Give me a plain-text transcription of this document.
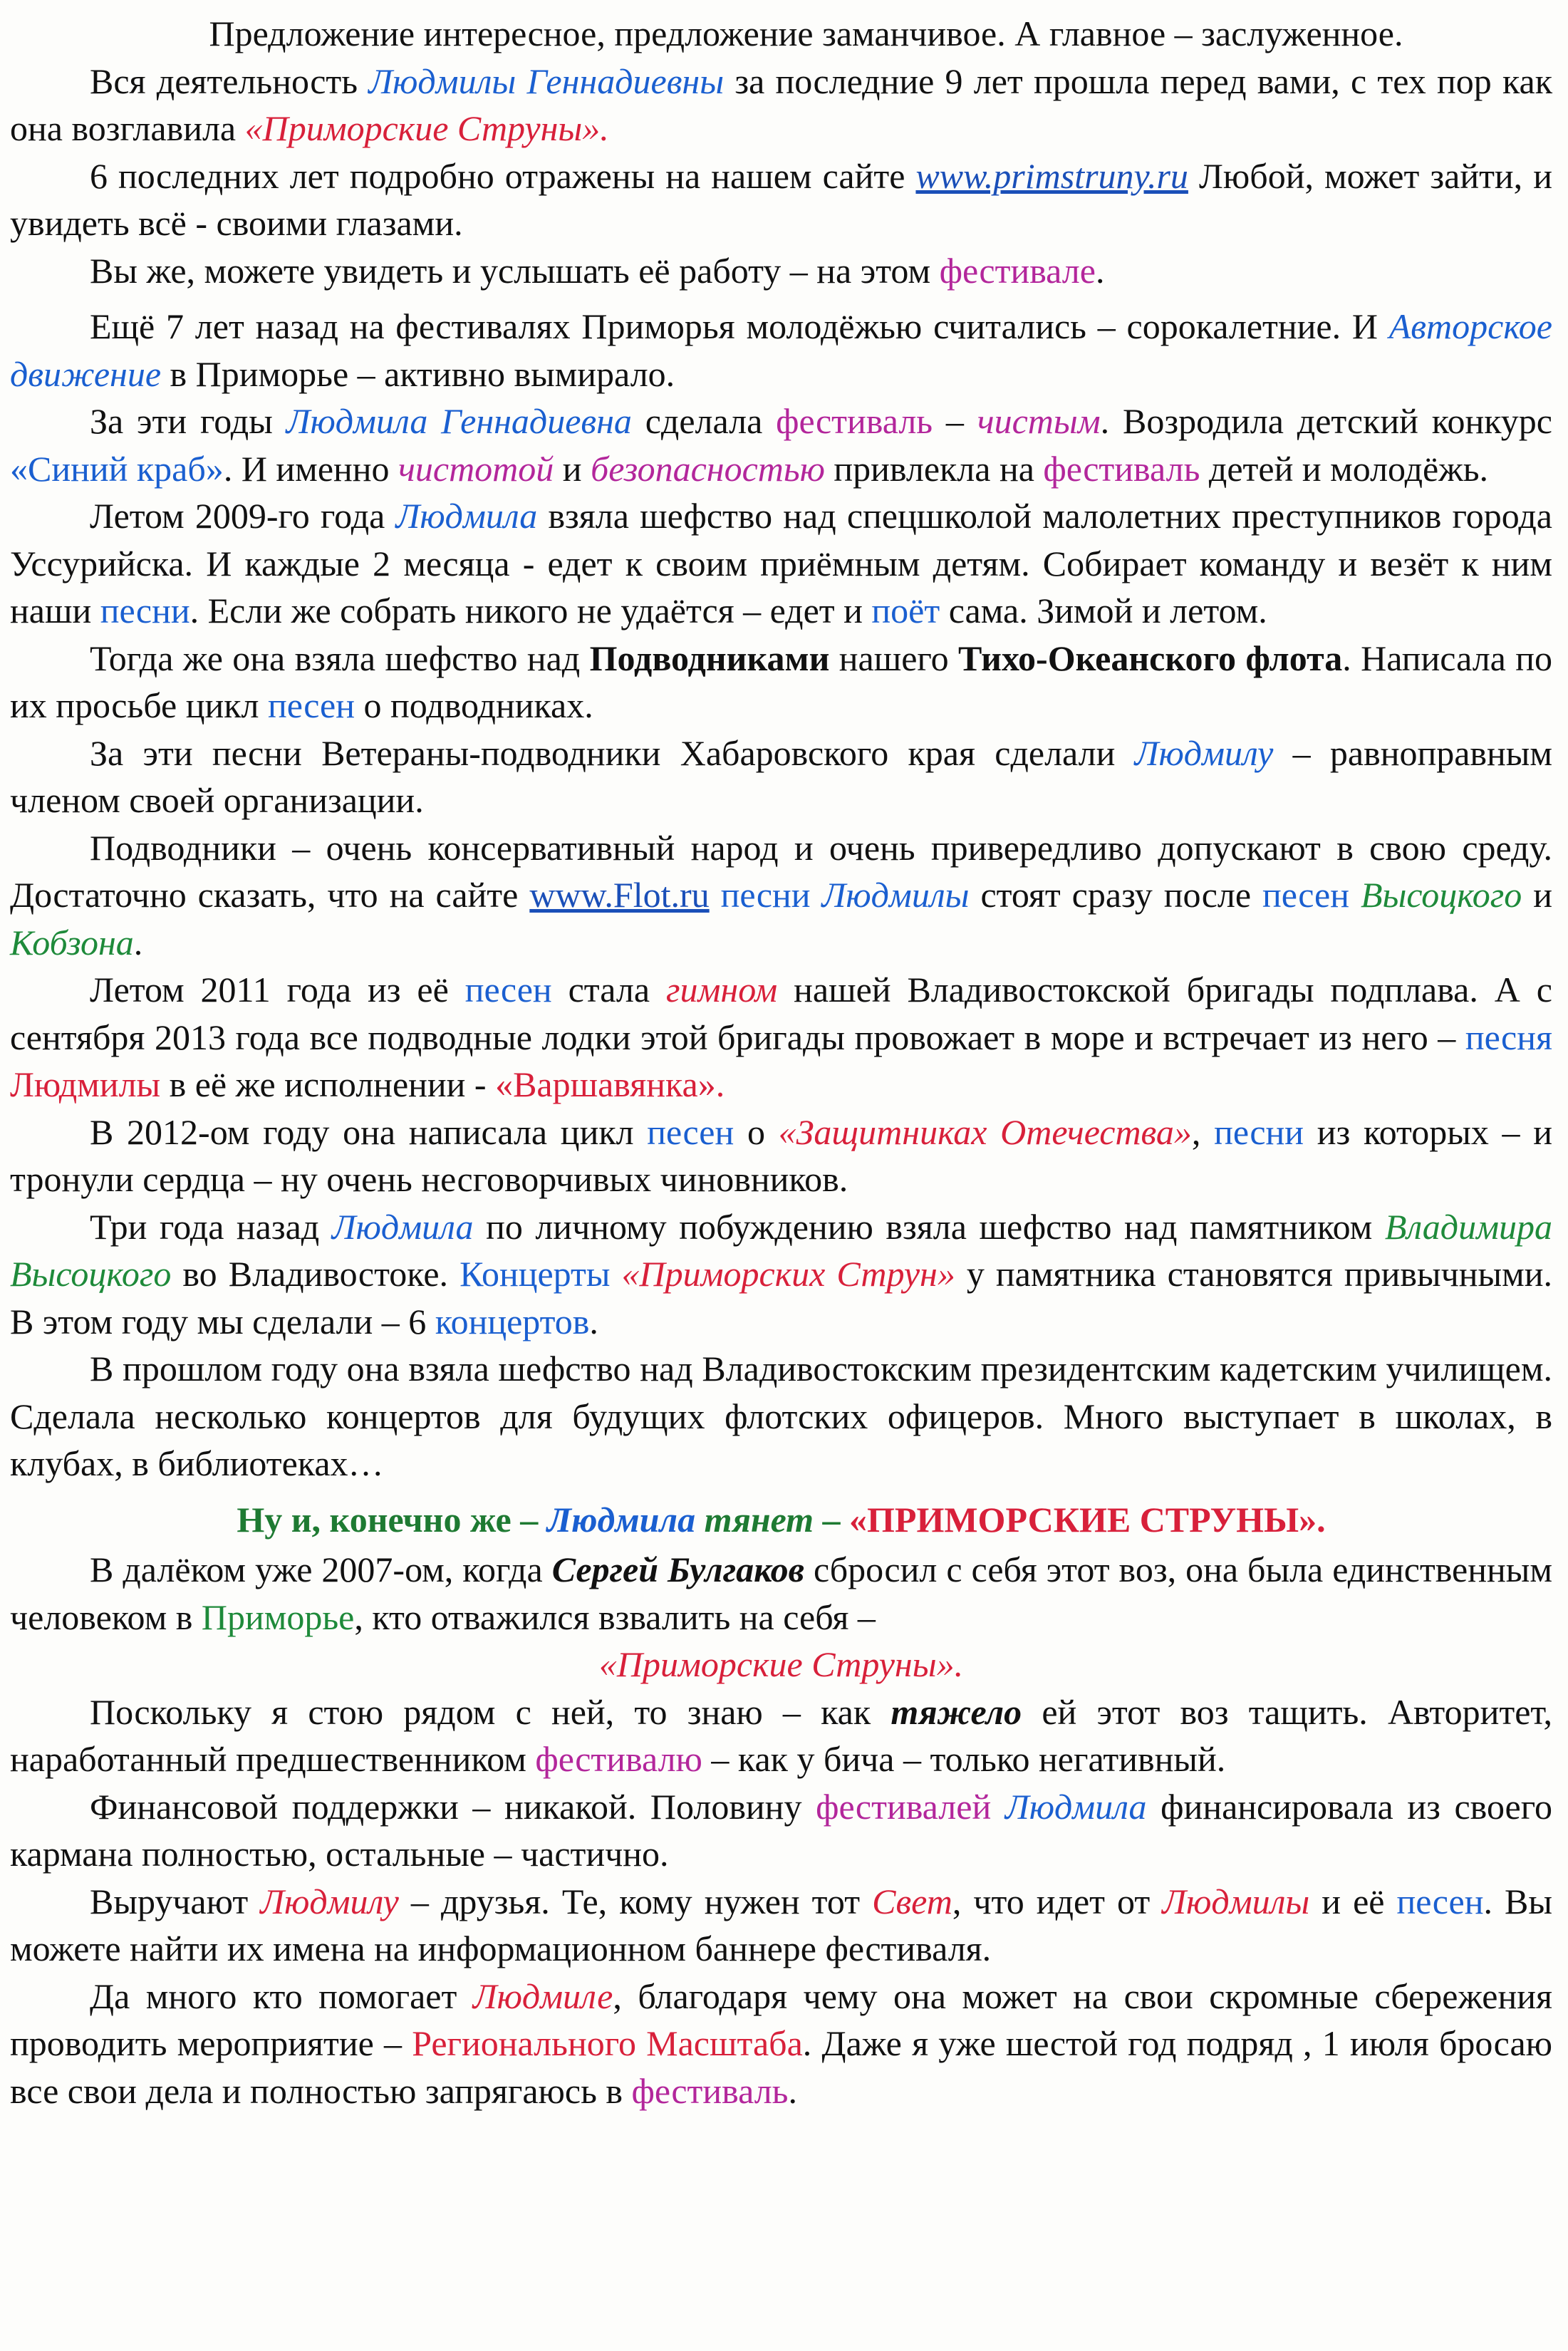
Предложение интересное, предложение заманчивое. А главное – заслуженное.

Вся деятельность Людмилы Геннадиевны за последние 9 лет прошла перед вами, с тех пор как она возглавила «Приморские Струны».

6 последних лет подробно отражены на нашем сайте www.primstruny.ru Любой, может зайти, и увидеть всё - своими глазами.

Вы же, можете увидеть и услышать её работу – на этом фестивале.

Ещё 7 лет назад на фестивалях Приморья молодёжью считались – сорокалетние. И Авторское движение в Приморье – активно вымирало.

За эти годы Людмила Геннадиевна сделала фестиваль – чистым. Возродила детский конкурс «Синий краб». И именно чистотой и безопасностью привлекла на фестиваль детей и молодёжь.

Летом 2009-го года Людмила взяла шефство над спецшколой малолетних преступников города Уссурийска. И каждые 2 месяца - едет к своим приёмным детям. Собирает команду и везёт к ним наши песни. Если же собрать никого не удаётся – едет и поёт сама. Зимой и летом.

Тогда же она взяла шефство над Подводниками нашего Тихо-Океанского флота. Написала по их просьбе цикл песен о подводниках.

За эти песни Ветераны-подводники Хабаровского края сделали Людмилу – равноправным членом своей организации.

Подводники – очень консервативный народ и очень привередливо допускают в свою среду. Достаточно сказать, что на сайте www.Flot.ru песни Людмилы стоят сразу после песен Высоцкого и Кобзона.

Летом 2011 года из её песен стала гимном нашей Владивостокской бригады подплава. А с сентября 2013 года все подводные лодки этой бригады провожает в море и встречает из него – песня Людмилы в её же исполнении - «Варшавянка».

В 2012-ом году она написала цикл песен о «Защитниках Отечества», песни из которых – и тронули сердца – ну очень несговорчивых чиновников.

Три года назад Людмила по личному побуждению взяла шефство над памятником Владимира Высоцкого во Владивостоке. Концерты «Приморских Струн» у памятника становятся привычными. В этом году мы сделали – 6 концертов.

В прошлом году она взяла шефство над Владивостокским президентским кадетским училищем. Сделала несколько концертов для будущих флотских офицеров. Много выступает в школах, в клубах, в библиотеках…

Ну и, конечно же – Людмила тянет – «ПРИМОРСКИЕ СТРУНЫ».

В далёком уже 2007-ом, когда Сергей Булгаков сбросил с себя этот воз, она была единственным человеком в Приморье, кто отважился взвалить на себя –
«Приморские Струны».

Поскольку я стою рядом с ней, то знаю – как тяжело ей этот воз тащить. Авторитет, наработанный предшественником фестивалю – как у бича – только негативный.

Финансовой поддержки – никакой. Половину фестивалей Людмила финансировала из своего кармана полностью, остальные – частично.

Выручают Людмилу – друзья. Те, кому нужен тот Свет, что идет от Людмилы и её песен. Вы можете найти их имена на информационном баннере фестиваля.

Да много кто помогает Людмиле, благодаря чему она может на свои скромные сбережения проводить мероприятие – Регионального Масштаба. Даже я уже шестой год подряд , 1 июля бросаю все свои дела и полностью запрягаюсь в фестиваль.
